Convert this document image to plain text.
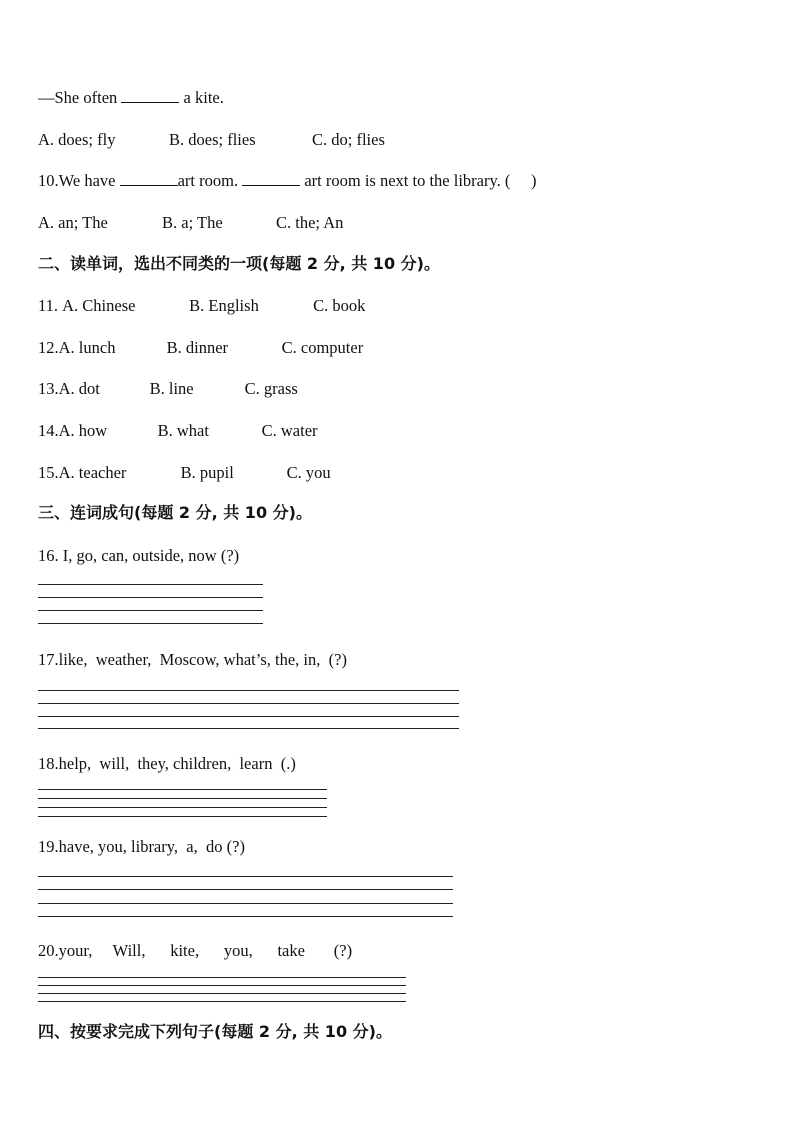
—She often	a kite.
A. does; fly	B. does; flies	C. do; flies
10.We have	art room.	art room is next to the library. (     )
A. an; The	B. a; The	C. the; An
二、读单词，选出不同类的一项(每题 2 分, 共 10 分)。
11. A. Chinese	B. English	C. book
12.A. lunch	B. dinner	C. computer
13.A. dot	B. line	C. grass
14.A. how	B. what	C. water
15.A. teacher	B. pupil	C. you
三、连词成句(每题 2 分, 共 10 分)。
16. I, go, can, outside, now (?)
17.like,  weather,  Moscow, what’s, the, in,  (?)
18.help,  will,  they, children,  learn  (.)
19.have, you, library,  a,  do (?)
20.your,     Will,      kite,      you,      take       (?)
四、按要求完成下列句子(每题 2 分, 共 10 分)。
